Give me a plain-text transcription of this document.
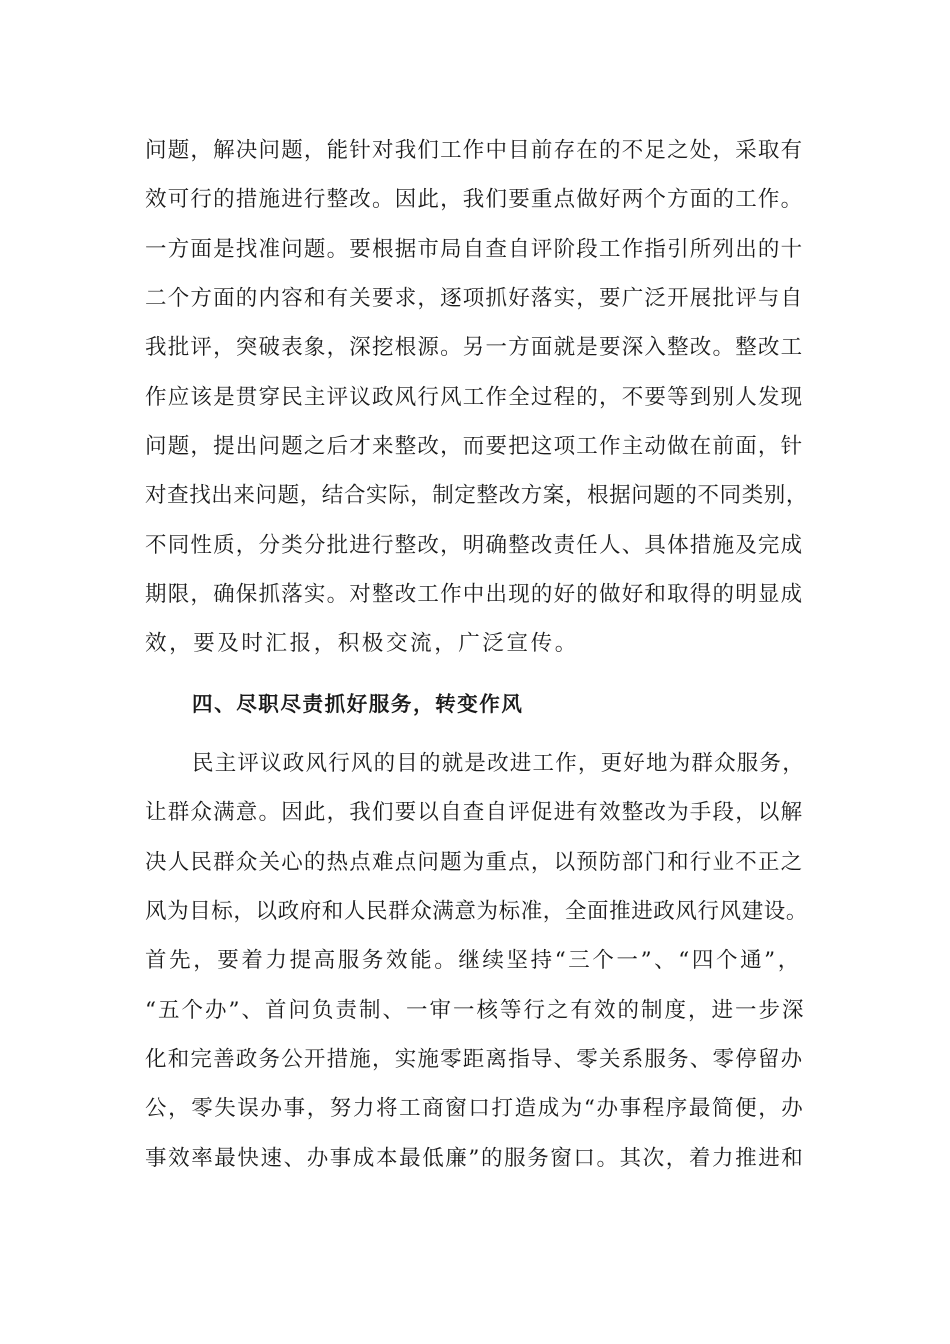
问题，解决问题，能针对我们工作中目前存在的不足之处，采取有
效可行的措施进行整改。因此，我们要重点做好两个方面的工作。
一方面是找准问题。要根据市局自查自评阶段工作指引所列出的十
二个方面的内容和有关要求，逐项抓好落实，要广泛开展批评与自
我批评，突破表象，深挖根源。另一方面就是要深入整改。整改工
作应该是贯穿民主评议政风行风工作全过程的，不要等到别人发现
问题，提出问题之后才来整改，而要把这项工作主动做在前面，针
对查找出来问题，结合实际，制定整改方案，根据问题的不同类别，
不同性质，分类分批进行整改，明确整改责任人、具体措施及完成
期限，确保抓落实。对整改工作中出现的好的做好和取得的明显成
效，要及时汇报，积极交流，广泛宣传。
四、尽职尽责抓好服务，转变作风
民主评议政风行风的目的就是改进工作，更好地为群众服务，
让群众满意。因此，我们要以自查自评促进有效整改为手段，以解
决人民群众关心的热点难点问题为重点，以预防部门和行业不正之
风为目标，以政府和人民群众满意为标准，全面推进政风行风建设。
首先，要着力提高服务效能。继续坚持“三个一”、“四个通”，
“五个办”、首问负责制、一审一核等行之有效的制度，进一步深
化和完善政务公开措施，实施零距离指导、零关系服务、零停留办
公，零失误办事，努力将工商窗口打造成为“办事程序最简便，办
事效率最快速、办事成本最低廉”的服务窗口。其次，着力推进和
